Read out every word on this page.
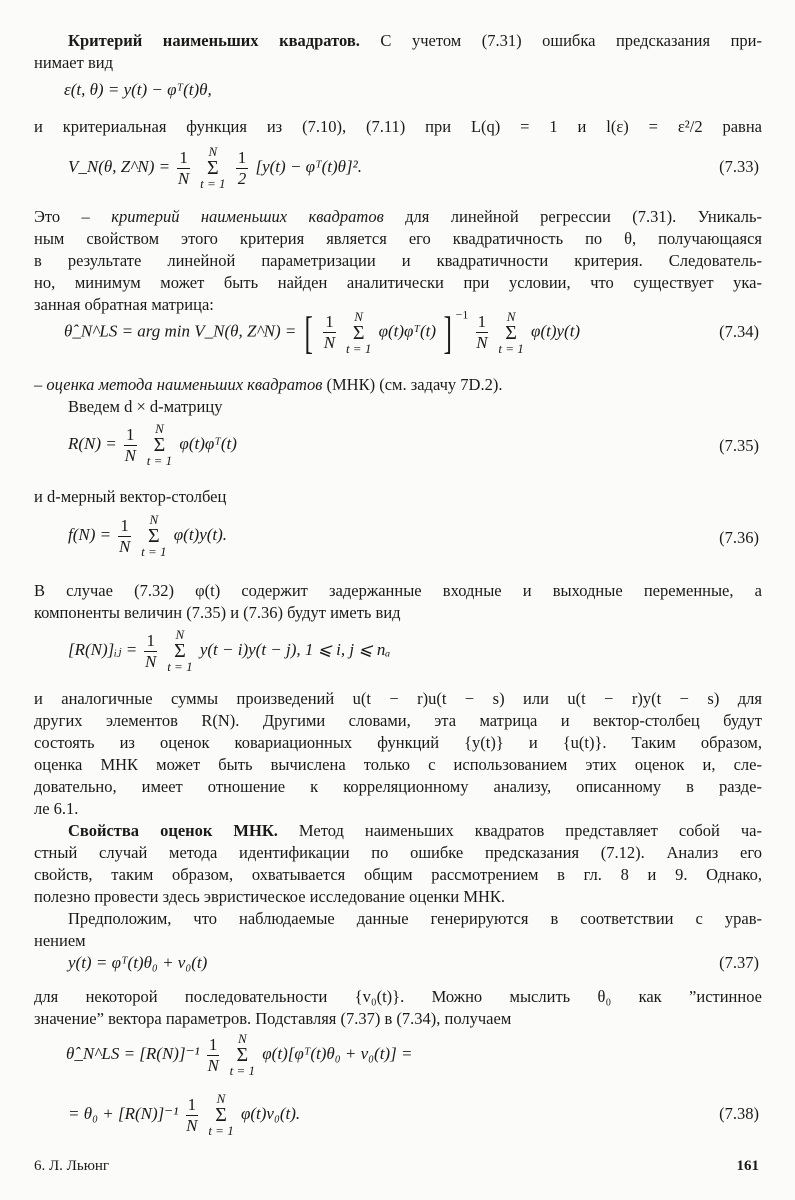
Критерий наименьших квадратов. С учетом (7.31) ошибка предсказания при-
нимает вид
ε(t, θ) = y(t) − φᵀ(t)θ,
и критериальная функция из (7.10), (7.11) при L(q) = 1 и l(ε) = ε²/2 равна
V_N(θ, Z^N) = $\frac{1}{N}$
	N
Σ
t = 1
$\frac{1}{2} [y(t)$ − φᵀ(t)θ]².	(7.33)
Это – критерий наименьших квадратов для линейной регрессии (7.31). Уникаль-
ным свойством этого критерия является его квадратичность по θ, получающаяся
в результате линейной параметризации и квадратичности критерия. Следователь-
но, минимум может быть найден аналитически при условии, что существует ука-
занная обратная матрица:
θ̂_N^LS = arg min V_N(θ, Z^N) = [ $\frac{1}{N}$
	N
Σ
t = 1
φ(t)φᵀ(t) ] $^{-1} \frac{1}{N}$
	N
Σ
t = 1
φ(t)y(t)	(7.34)
– оценка метода наименьших квадратов (МНК) (см. задачу 7D.2).
Введем d × d-матрицу
$R(N) = \frac{1}{N}$
	N
Σ
t = 1
φ(t)φᵀ(t)	(7.35)
и d-мерный вектор-столбец
$f(N) = \frac{1}{N}$
	N
Σ
t = 1
φ(t)y(t).	(7.36)
В случае (7.32) φ(t) содержит задержанные входные и выходные переменные, а
компоненты величин (7.35) и (7.36) будут иметь вид
[R(N)]ᵢⱼ = $\frac{1}{N}$
	N
Σ
t = 1
y(t − i)y(t − j), 1 ⩽ i, j ⩽ nₐ
и аналогичные суммы произведений u(t − r)u(t − s) или u(t − r)y(t − s) для
других элементов R(N). Другими словами, эта матрица и вектор-столбец будут
состоять из оценок ковариационных функций {y(t)} и {u(t)}. Таким образом,
оценка МНК может быть вычислена только с использованием этих оценок и, сле-
довательно, имеет отношение к корреляционному анализу, описанному в разде-
ле 6.1.
Свойства оценок МНК. Метод наименьших квадратов представляет собой ча-
стный случай метода идентификации по ошибке предсказания (7.12). Анализ его
свойств, таким образом, охватывается общим рассмотрением в гл. 8 и 9. Однако,
полезно провести здесь эвристическое исследование оценки МНК.
Предположим, что наблюдаемые данные генерируются в соответствии с урав-
нением
y(t) = φᵀ(t)θ₀ + v₀(t)	(7.37)
для некоторой последовательности {v₀(t)}. Можно мыслить θ₀ как ”истинное
значение” вектора параметров. Подставляя (7.37) в (7.34), получаем
θ̂_N^LS = $[R(N)]^{-1} \frac{1}{N}$
	N
Σ
t = 1
φ(t)[φᵀ(t)θ₀ + v₀(t)] =
= $\theta_0 + [R(N)]^{-1} \frac{1}{N}$
	N
Σ
t = 1
φ(t)v₀(t).	(7.38)
6. Л. Льюнг	161
